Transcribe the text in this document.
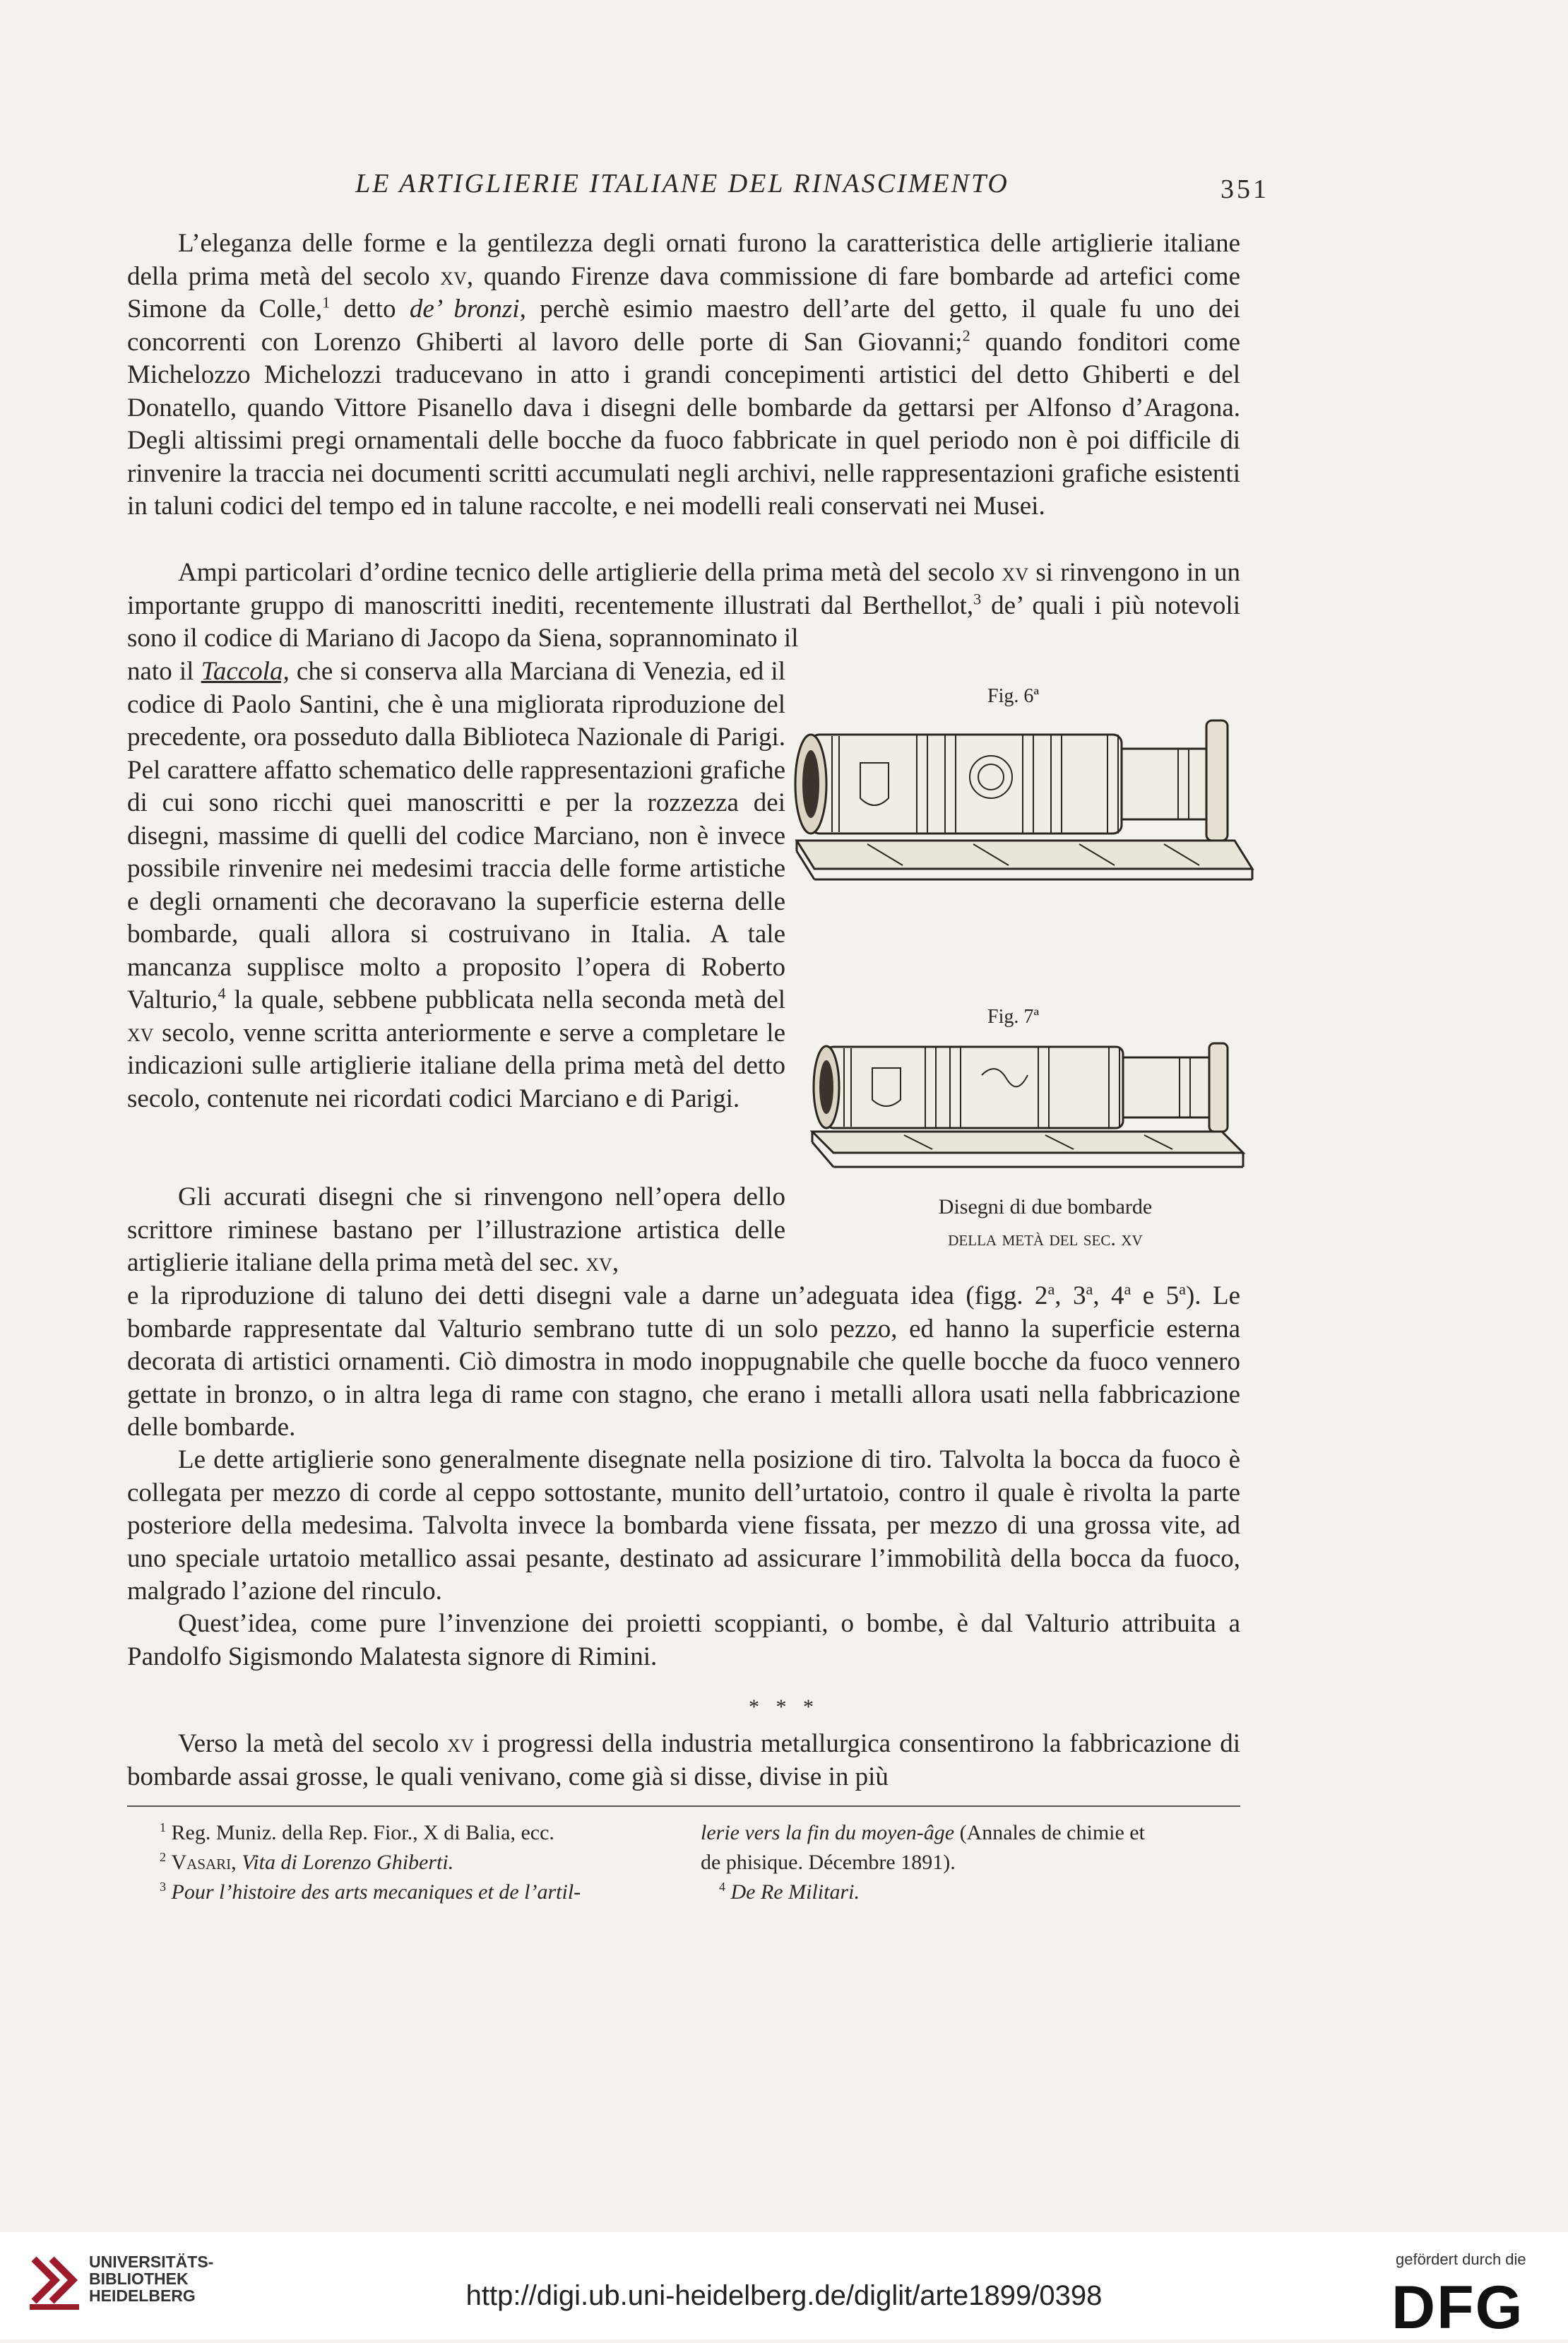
LE ARTIGLIERIE ITALIANE DEL RINASCIMENTO	351
L’eleganza delle forme e la gentilezza degli ornati furono la caratteristica delle artiglierie italiane della prima metà del secolo xv, quando Firenze dava commissione di fare bombarde ad artefici come Simone da Colle,$^1$ detto de’ bronzi, perchè esimio maestro dell’arte del getto, il quale fu uno dei concorrenti con Lorenzo Ghiberti al lavoro delle porte di San Giovanni;$^2$ quando fonditori come Michelozzo Michelozzi traducevano in atto i grandi concepimenti artistici del detto Ghiberti e del Donatello, quando Vittore Pisanello dava i disegni delle bombarde da gettarsi per Alfonso d’Aragona. Degli altissimi pregi ornamentali delle bocche da fuoco fabbricate in quel periodo non è poi difficile di rinvenire la traccia nei documenti scritti accumulati negli archivi, nelle rappresentazioni grafiche esistenti in taluni codici del tempo ed in talune raccolte, e nei modelli reali conservati nei Musei.
Ampi particolari d’ordine tecnico delle artiglierie della prima metà del secolo xv si rinvengono in un importante gruppo di manoscritti inediti, recentemente illustrati dal Berthellot,$^3$ de’ quali i più notevoli sono il codice di Mariano di Jacopo da Siena, soprannominato il
nato il Taccola, che si conserva alla Marciana di Venezia, ed il codice di Paolo Santini, che è una migliorata riproduzione del precedente, ora posseduto dalla Biblioteca Nazionale di Parigi. Pel carattere affatto schematico delle rappresentazioni grafiche di cui sono ricchi quei manoscritti e per la rozzezza dei disegni, massime di quelli del codice Marciano, non è invece possibile rinvenire nei medesimi traccia delle forme artistiche e degli ornamenti che decoravano la superficie esterna delle bombarde, quali allora si costruivano in Italia. A tale mancanza supplisce molto a proposito l’opera di Roberto Valturio,$^4$ la quale, sebbene pubblicata nella seconda metà del xv secolo, venne scritta anteriormente e serve a completare le indicazioni sulle artiglierie italiane della prima metà del detto secolo, contenute nei ricordati codici Marciano e di Parigi.
Gli accurati disegni che si rinvengono nell’opera dello scrittore riminese bastano per l’illustrazione artistica delle artiglierie italiane della prima metà del sec. xv,
e la riproduzione di taluno dei detti disegni vale a darne un’adeguata idea (figg. 2$^a$, 3$^a$, 4$^a$ e 5$^a$). Le bombarde rappresentate dal Valturio sembrano tutte di un solo pezzo, ed hanno la superficie esterna decorata di artistici ornamenti. Ciò dimostra in modo inoppugnabile che quelle bocche da fuoco vennero gettate in bronzo, o in altra lega di rame con stagno, che erano i metalli allora usati nella fabbricazione delle bombarde.
Le dette artiglierie sono generalmente disegnate nella posizione di tiro. Talvolta la bocca da fuoco è collegata per mezzo di corde al ceppo sottostante, munito dell’urtatoio, contro il quale è rivolta la parte posteriore della medesima. Talvolta invece la bombarda viene fissata, per mezzo di una grossa vite, ad uno speciale urtatoio metallico assai pesante, destinato ad assicurare l’immobilità della bocca da fuoco, malgrado l’azione del rinculo.
Quest’idea, come pure l’invenzione dei proietti scoppianti, o bombe, è dal Valturio attribuita a Pandolfo Sigismondo Malatesta signore di Rimini.
* * *
Verso la metà del secolo xv i progressi della industria metallurgica consentirono la fabbricazione di bombarde assai grosse, le quali venivano, come già si disse, divise in più
Fig. 6ª
Fig. 7ª
Disegni di due bombarde
della metà del sec. xv
$^1$ Reg. Muniz. della Rep. Fior., X di Balia, ecc.
$^2$ Vasari, Vita di Lorenzo Ghiberti.
$^3$ Pour l’histoire des arts mecaniques et de l’artil-
lerie vers la fin du moyen-âge (Annales de chimie et
de phisique. Décembre 1891).
$^4$ De Re Militari.
UNIVERSITÄTS-
BIBLIOTHEK
HEIDELBERG	http://digi.ub.uni-heidelberg.de/diglit/arte1899/0398
gefördert durch die
DFG
